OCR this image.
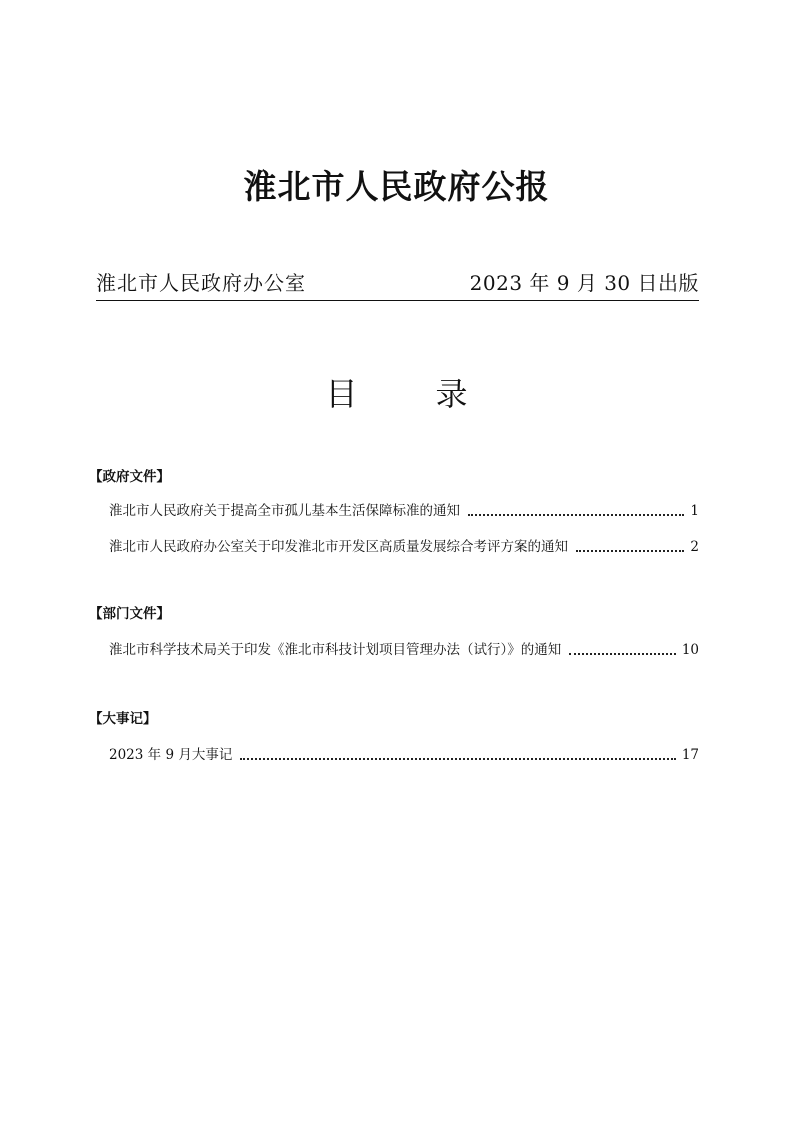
淮北市人民政府公报
淮北市人民政府办公室	2023 年 9 月 30 日出版
目 录
【政府文件】
淮北市人民政府关于提高全市孤儿基本生活保障标准的通知	1
淮北市人民政府办公室关于印发淮北市开发区高质量发展综合考评方案的通知	2
【部门文件】
淮北市科学技术局关于印发《淮北市科技计划项目管理办法（试行）》的通知	10
【大事记】
2023 年 9 月大事记	17
